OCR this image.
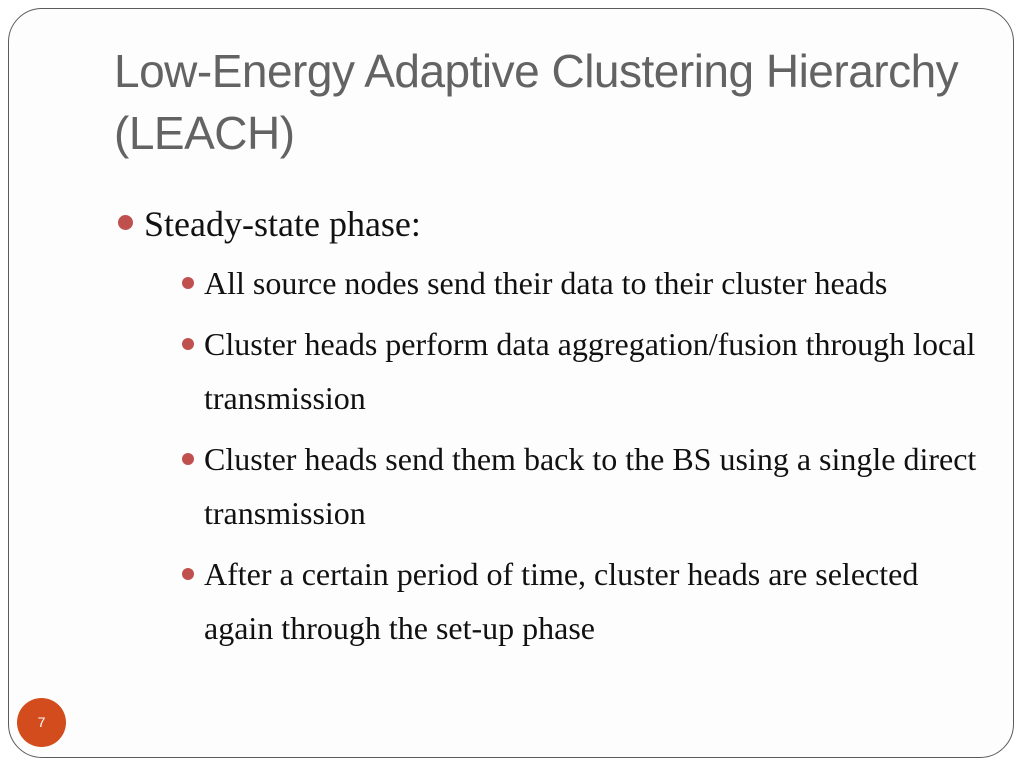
Low-Energy Adaptive Clustering Hierarchy (LEACH)
Steady-state phase:
All source nodes send their data to their cluster heads
Cluster heads perform data aggregation/fusion through local transmission
Cluster heads send them back to the BS using a single direct transmission
After a certain period of time, cluster heads are selected again through the set-up phase
7
